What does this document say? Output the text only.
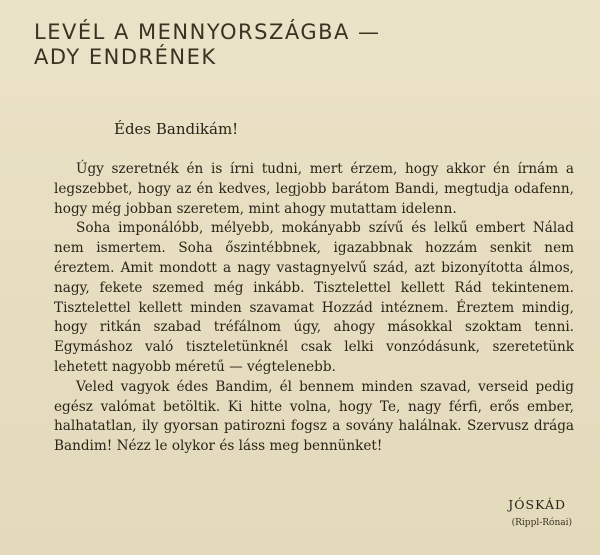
LEVÉL A MENNYORSZÁGBA —
ADY ENDRÉNEK
Édes Bandikám!

Úgy szeretnék én is írni tudni, mert érzem, hogy akkor én írnám a legszebbet, hogy az én kedves, legjobb barátom Bandi, megtudja odafenn, hogy még jobban szeretem, mint ahogy mutattam idelenn.

Soha imponálóbb, mélyebb, mokányabb szívű és lelkű embert Nálad nem ismertem. Soha őszintébbnek, igazabbnak hozzám senkit nem éreztem. Amit mondott a nagy vastagnyelvű szád, azt bizonyította álmos, nagy, fekete szemed még inkább. Tisztelettel kellett Rád tekintenem. Tisztelettel kellett minden szavamat Hozzád intéznem. Éreztem mindig, hogy ritkán szabad tréfálnom úgy, ahogy másokkal szoktam tenni. Egymáshoz való tiszteletünknél csak lelki vonzódásunk, szeretetünk lehetett nagyobb méretű — végtelenebb.

Veled vagyok édes Bandim, él bennem minden szavad, verseid pedig egész valómat betöltik. Ki hitte volna, hogy Te, nagy férfi, erős ember, halhatatlan, ily gyorsan patirozni fogsz a sovány halálnak. Szervusz drága Bandim! Nézz le olykor és láss meg bennünket!

JÓSKÁD
(Rippl-Rónai)
